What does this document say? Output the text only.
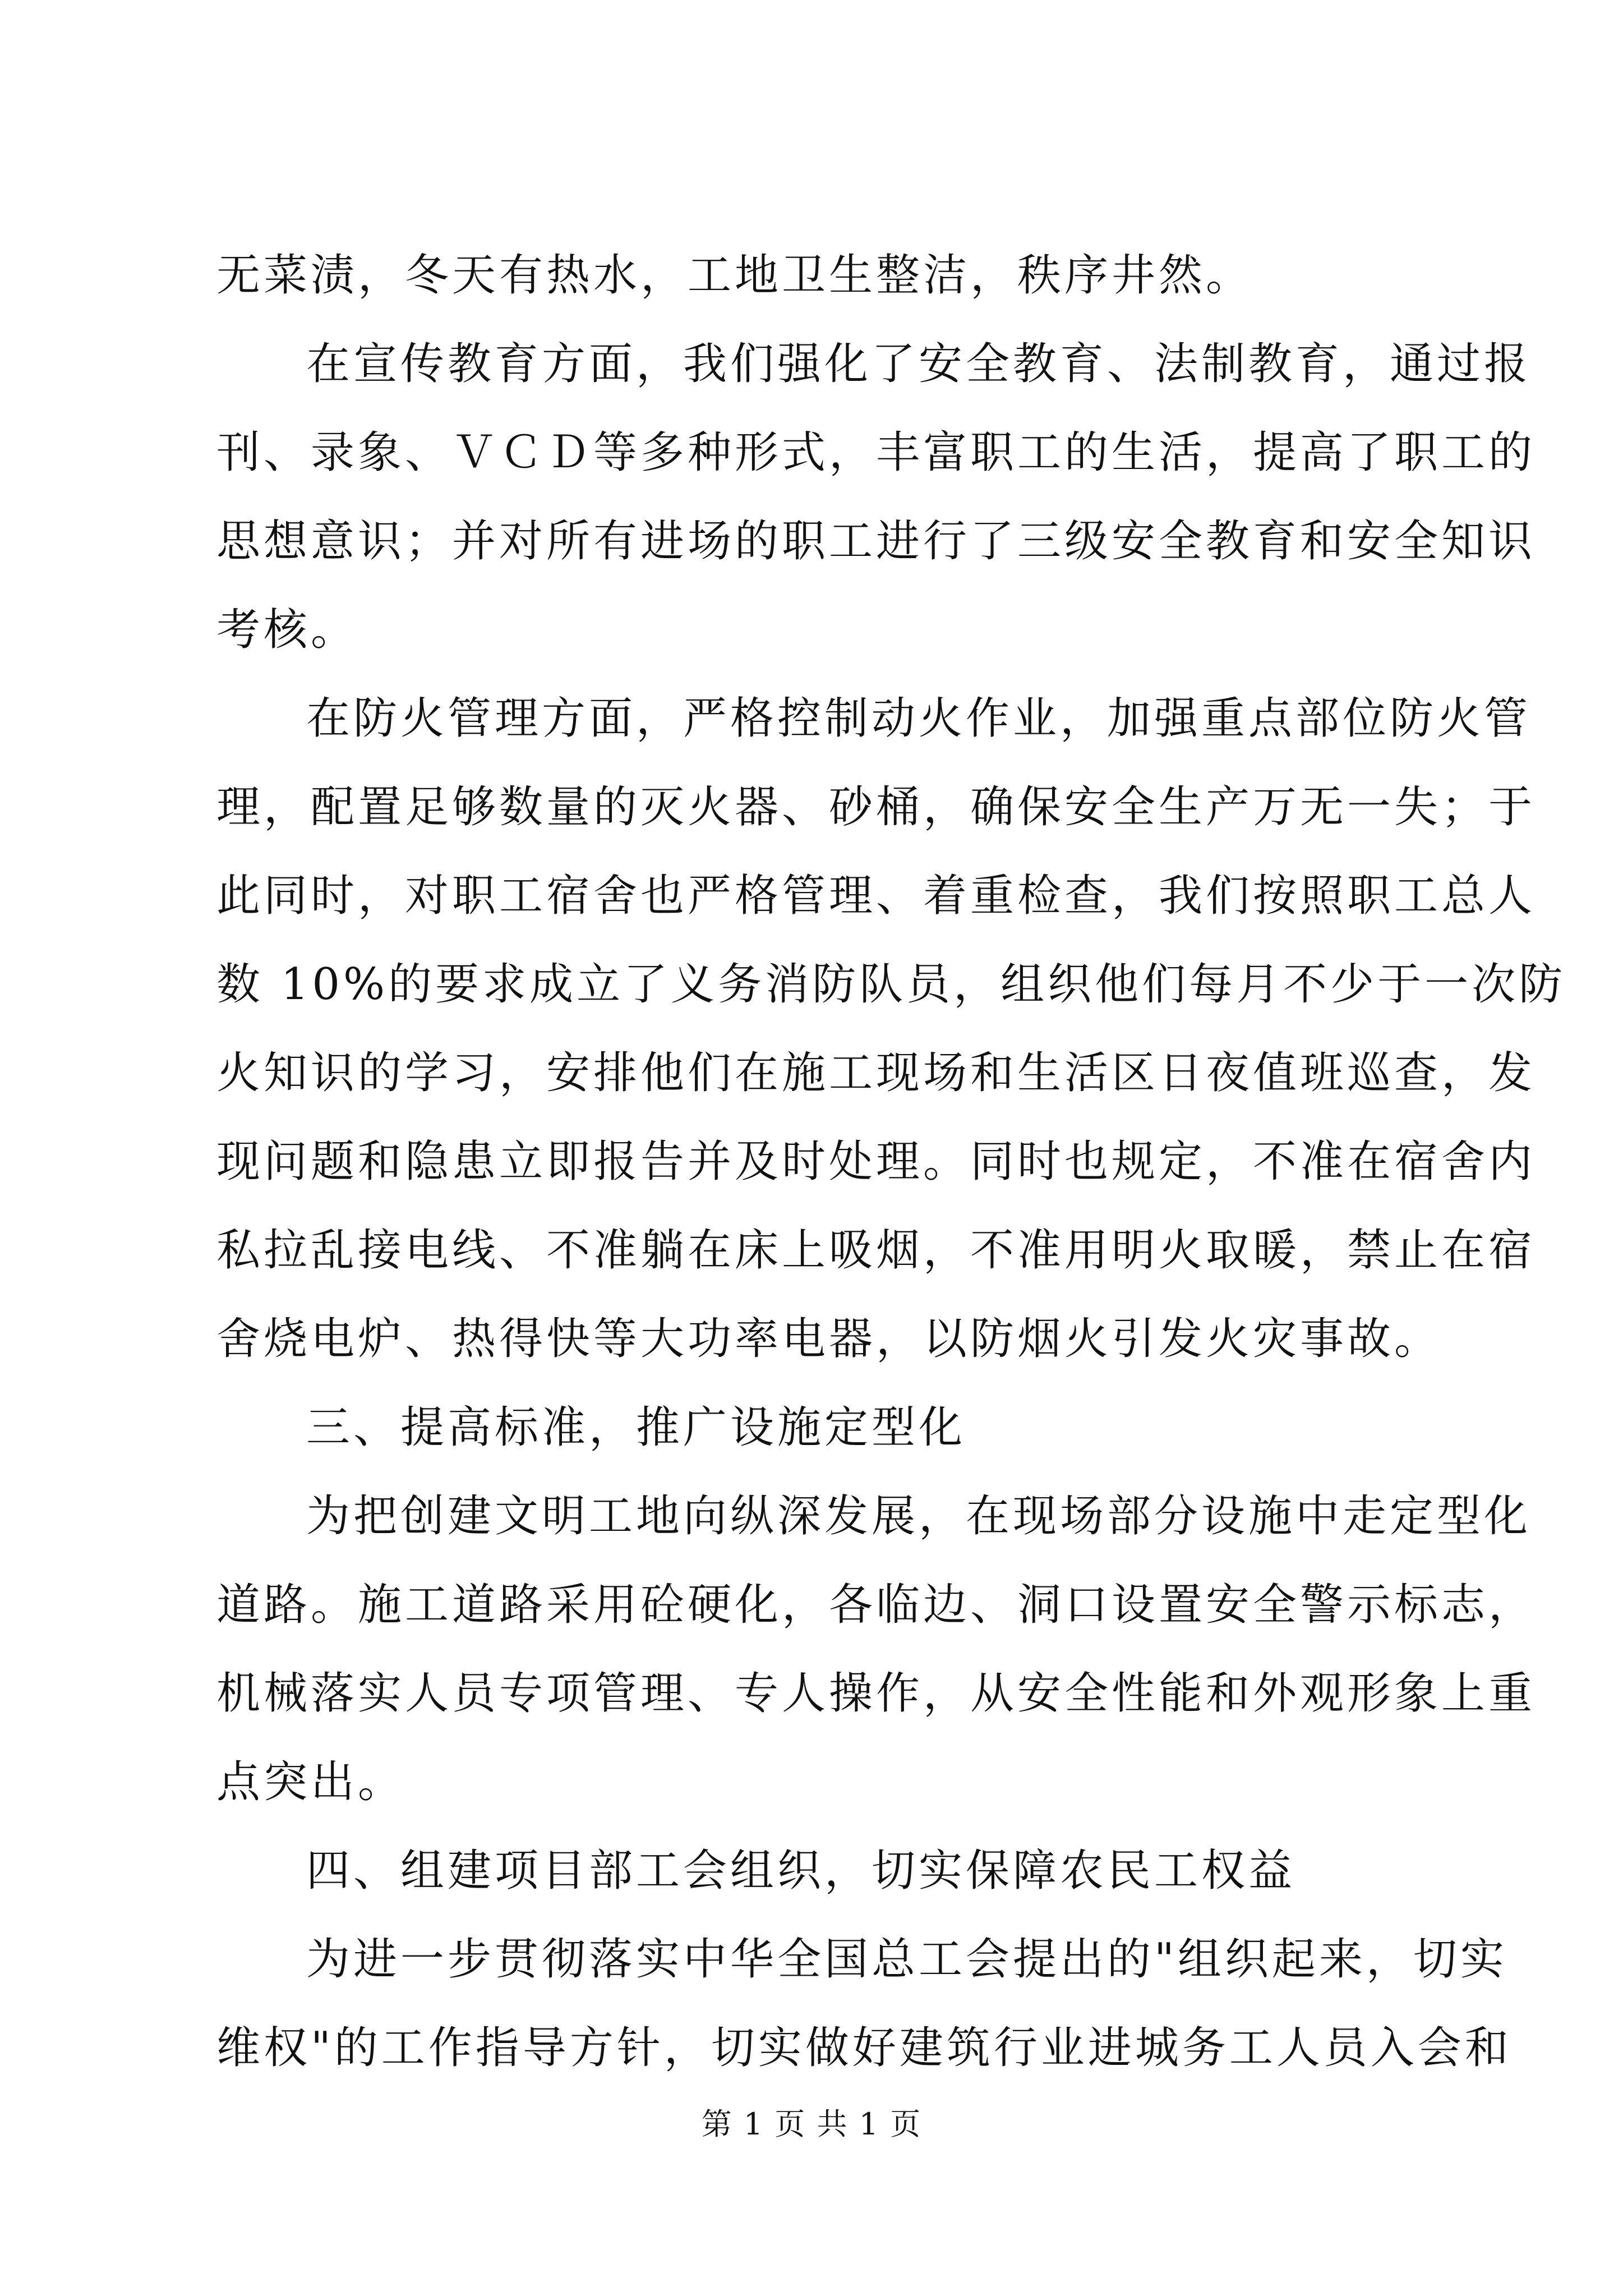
无菜渍，冬天有热水，工地卫生整洁，秩序井然。
在宣传教育方面，我们强化了安全教育、法制教育，通过报
刊、录象、ＶＣＤ等多种形式，丰富职工的生活，提高了职工的
思想意识；并对所有进场的职工进行了三级安全教育和安全知识
考核。
在防火管理方面，严格控制动火作业，加强重点部位防火管
理，配置足够数量的灭火器、砂桶，确保安全生产万无一失；于
此同时，对职工宿舍也严格管理、着重检查，我们按照职工总人
数 10%的要求成立了义务消防队员，组织他们每月不少于一次防
火知识的学习，安排他们在施工现场和生活区日夜值班巡查，发
现问题和隐患立即报告并及时处理。同时也规定，不准在宿舍内
私拉乱接电线、不准躺在床上吸烟，不准用明火取暖，禁止在宿
舍烧电炉、热得快等大功率电器，以防烟火引发火灾事故。
三、提高标准，推广设施定型化
为把创建文明工地向纵深发展，在现场部分设施中走定型化
道路。施工道路采用砼硬化，各临边、洞口设置安全警示标志，
机械落实人员专项管理、专人操作，从安全性能和外观形象上重
点突出。
四、组建项目部工会组织，切实保障农民工权益
为进一步贯彻落实中华全国总工会提出的"组织起来，切实
维权"的工作指导方针，切实做好建筑行业进城务工人员入会和
第 1 页 共 1 页
